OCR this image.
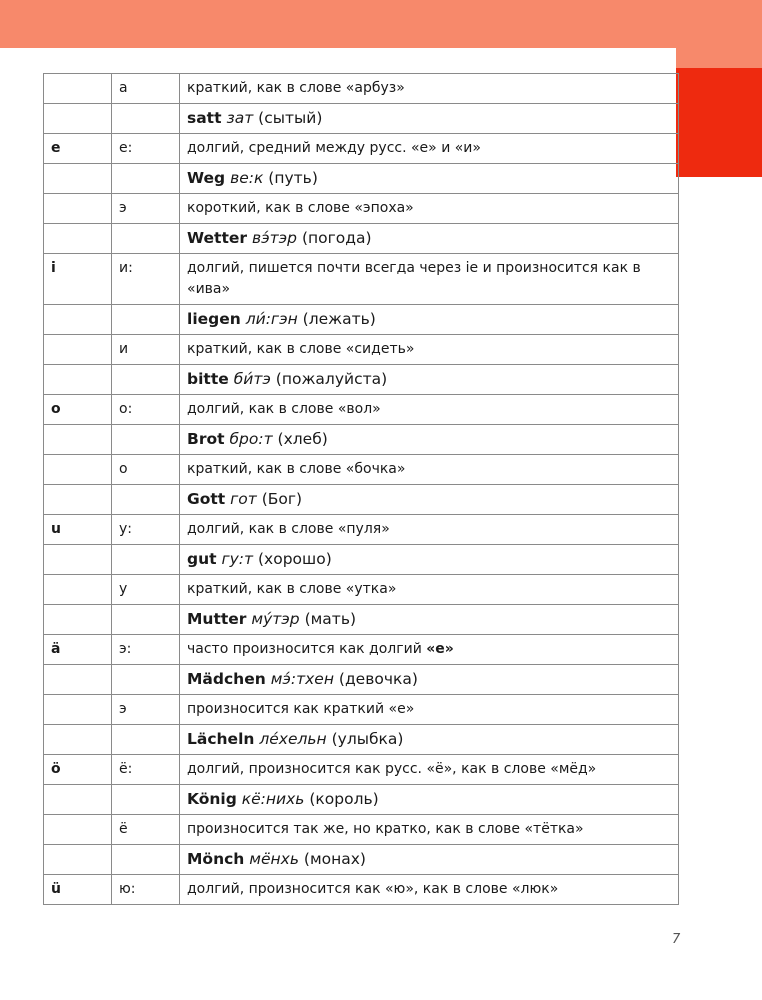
	а	краткий, как в слове «арбуз»
		satt зат (сытый)
e	е:	долгий, средний между русс. «е» и «и»
		Weg ве:к (путь)
	э	короткий, как в слове «эпоха»
		Wetter вэ́тэр (погода)
i	и:	долгий, пишется почти всегда через ie и произносится как в «ива»
		liegen ли́:гэн (лежать)
	и	краткий, как в слове «сидеть»
		bitte би́тэ (пожалуйста)
o	о:	долгий, как в слове «вол»
		Brot бро:т (хлеб)
	о	краткий, как в слове «бочка»
		Gott гот (Бог)
u	у:	долгий, как в слове «пуля»
		gut гу:т (хорошо)
	у	краткий, как в слове «утка»
		Mutter му́тэр (мать)
ä	э:	часто произносится как долгий «е»
		Mädchen мэ́:тхен (девочка)
	э	произносится как краткий «е»
		Lächeln ле́хельн (улыбка)
ö	ё:	долгий, произносится как русс. «ё», как в слове «мёд»
		König кё:нихь (король)
	ё	произносится так же, но кратко, как в слове «тётка»
		Mönch мёнхь (монах)
ü	ю:	долгий, произносится как «ю», как в слове «люк»
7
